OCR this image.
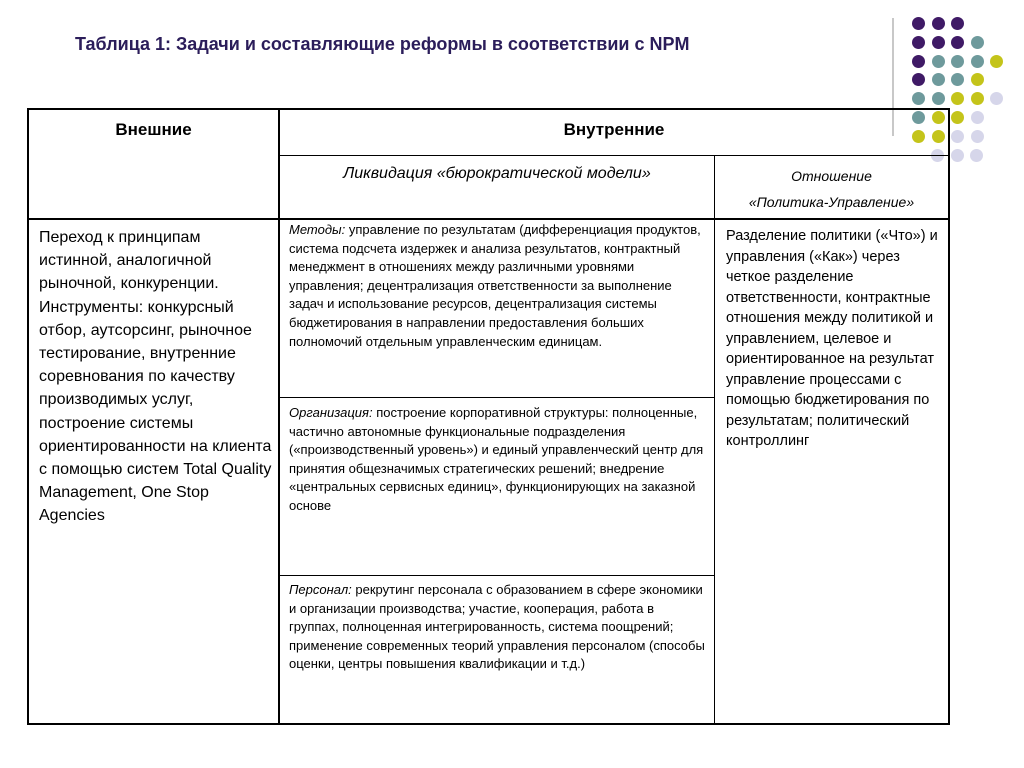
Таблица 1: Задачи и составляющие реформы в соответствии с NPM
Внешние	Внутренние
Ликвидация «бюрократической модели»	Отношение
«Политика-Управление»
Переход к принципам истинной, аналогичной рыночной, конкуренции. Инструменты: конкурсный отбор, аутсорсинг, рыночное тестирование, внутренние соревнования по качеству производимых услуг, построение системы ориентированности на клиента с помощью систем Total Quality Management, One Stop Agencies
Методы: управление по результатам (дифференциация продуктов, система подсчета издержек и анализа результатов, контрактный менеджмент в отношениях между различными уровнями управления; децентрализация ответственности за выполнение задач и использование ресурсов, децентрализация системы бюджетирования в направлении предоставления больших полномочий отдельным управленческим единицам.
Организация: построение корпоративной структуры: полноценные, частично автономные функциональные подразделения («производственный уровень») и единый управленческий центр для принятия общезначимых стратегических решений; внедрение «центральных сервисных единиц», функционирующих на заказной основе
Персонал: рекрутинг персонала с образованием в сфере экономики и организации производства; участие, кооперация, работа в группах, полноценная интегрированность, система поощрений; применение современных теорий управления персоналом (способы оценки, центры повышения квалификации и т.д.)
Разделение политики («Что») и управления («Как») через четкое разделение ответственности, контрактные отношения между политикой и управлением, целевое и ориентированное на результат управление процессами с помощью бюджетирования по результатам; политический контроллинг
